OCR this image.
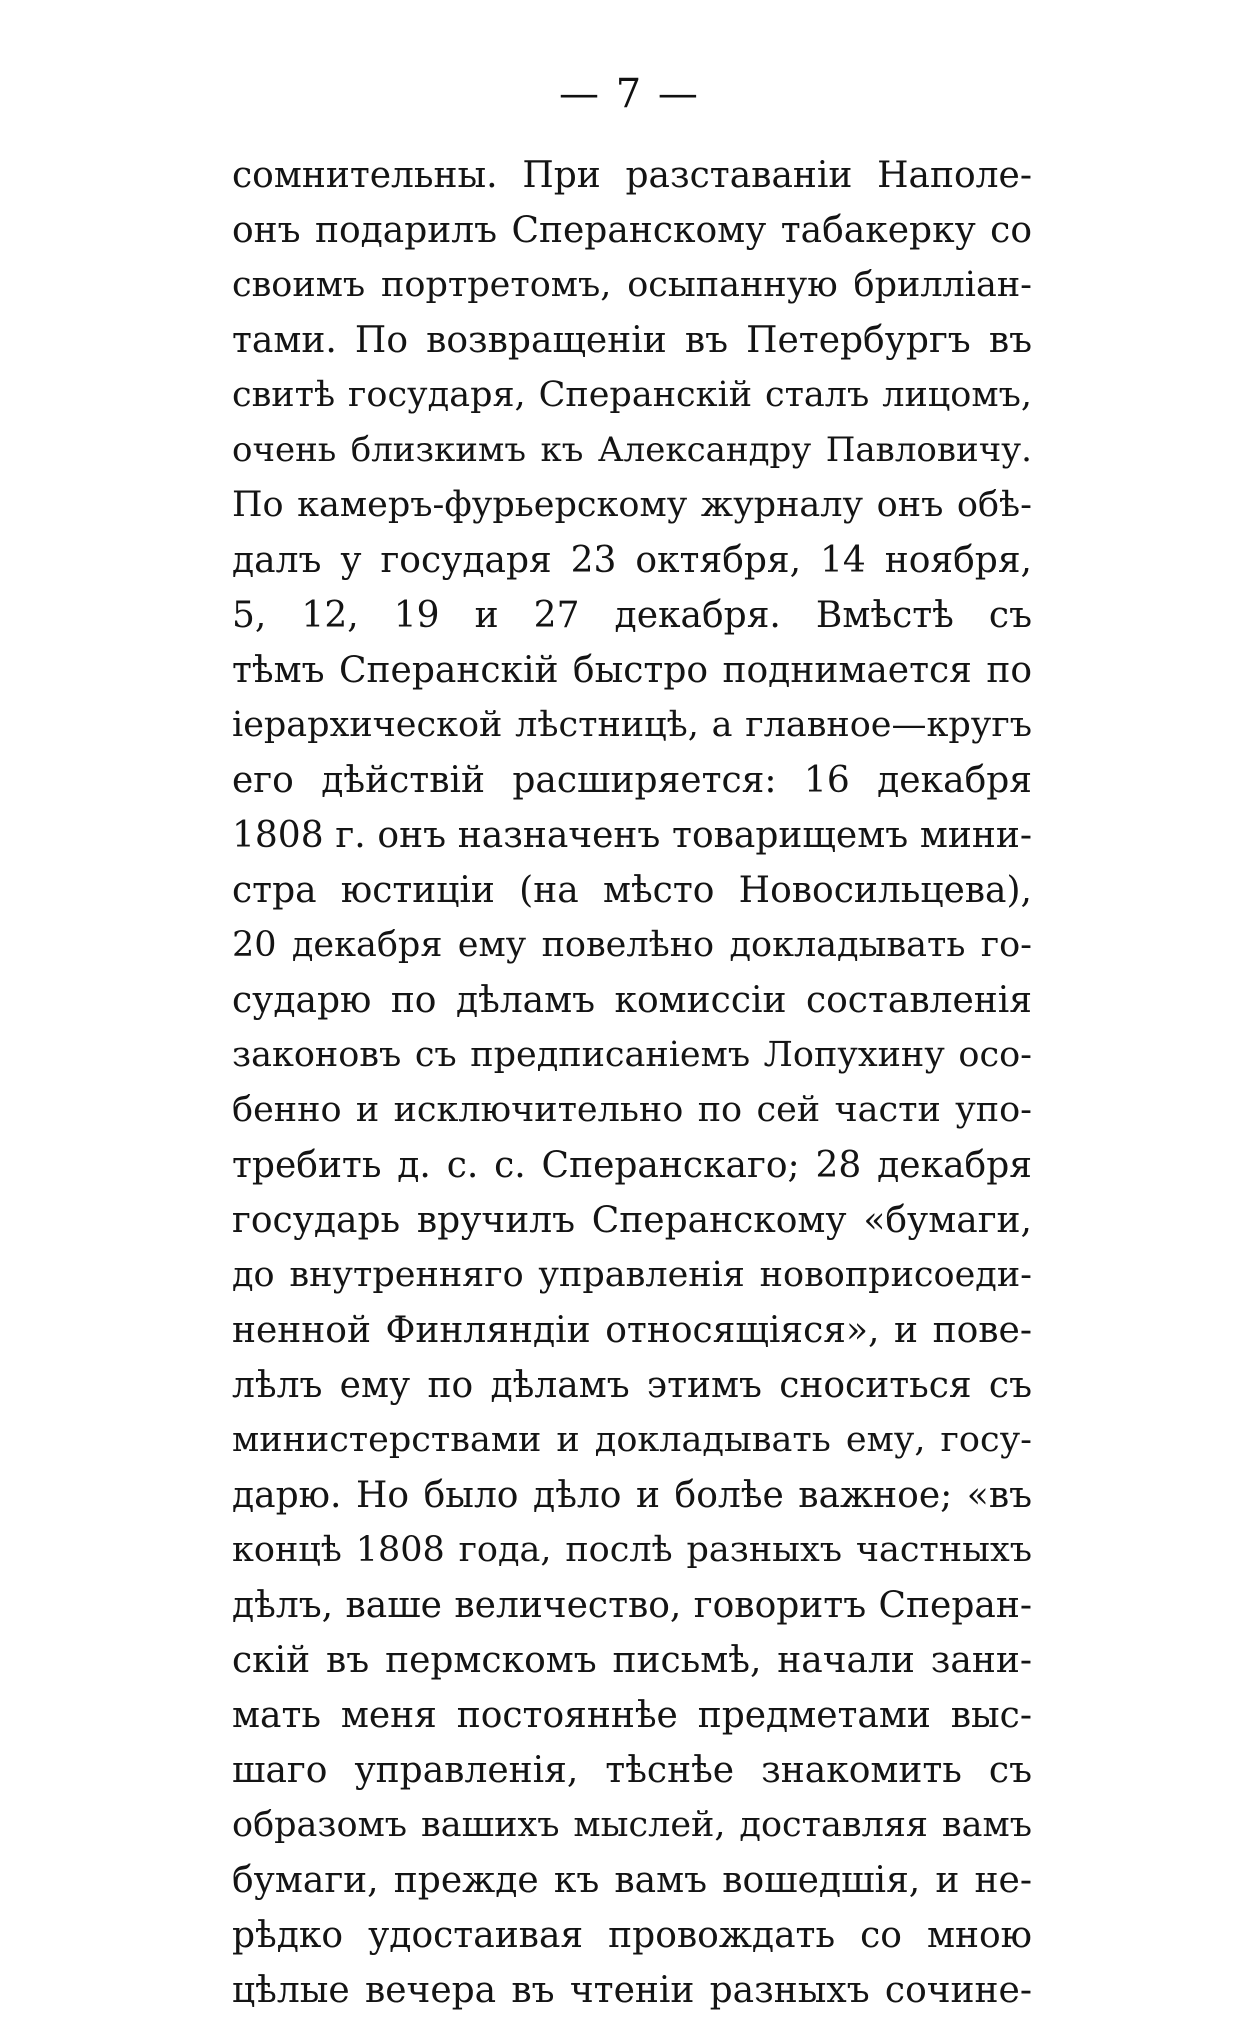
— 7 —
сомнительны. При разставанiи Наполе-
онъ подарилъ Сперанскому табакерку со
своимъ портретомъ, осыпанную брилліан-
тами. По возвращенiи въ Петербургъ въ
свитѣ государя, Сперанскiй сталъ лицомъ,
очень близкимъ къ Александру Павловичу.
По камеръ-фурьерскому журналу онъ обѣ-
далъ у государя 23 октября, 14 ноября,
5, 12, 19 и 27 декабря. Вмѣстѣ съ
тѣмъ Сперанскiй быстро поднимается по
iерархической лѣстницѣ, а главное—кругъ
его дѣйствiй расширяется: 16 декабря
1808 г. онъ назначенъ товарищемъ мини-
стра юстицiи (на мѣсто Новосильцева),
20 декабря ему повелѣно докладывать го-
сударю по дѣламъ комиссiи составленiя
законовъ съ предписанiемъ Лопухину осо-
бенно и исключительно по сей части упо-
требить д. с. с. Сперанскаго; 28 декабря
государь вручилъ Сперанскому «бумаги,
до внутренняго управленiя новоприсоеди-
ненной Финляндiи относящiяся», и пове-
лѣлъ ему по дѣламъ этимъ сноситься съ
министерствами и докладывать ему, госу-
дарю. Но было дѣло и болѣе важное; «въ
концѣ 1808 года, послѣ разныхъ частныхъ
дѣлъ, ваше величество, говоритъ Сперан-
скiй въ пермскомъ письмѣ, начали зани-
мать меня постояннѣе предметами выс-
шаго управленiя, тѣснѣе знакомить съ
образомъ вашихъ мыслей, доставляя вамъ
бумаги, прежде къ вамъ вошедшiя, и не-
рѣдко удостаивая провождать со мною
цѣлые вечера въ чтенiи разныхъ сочине-
